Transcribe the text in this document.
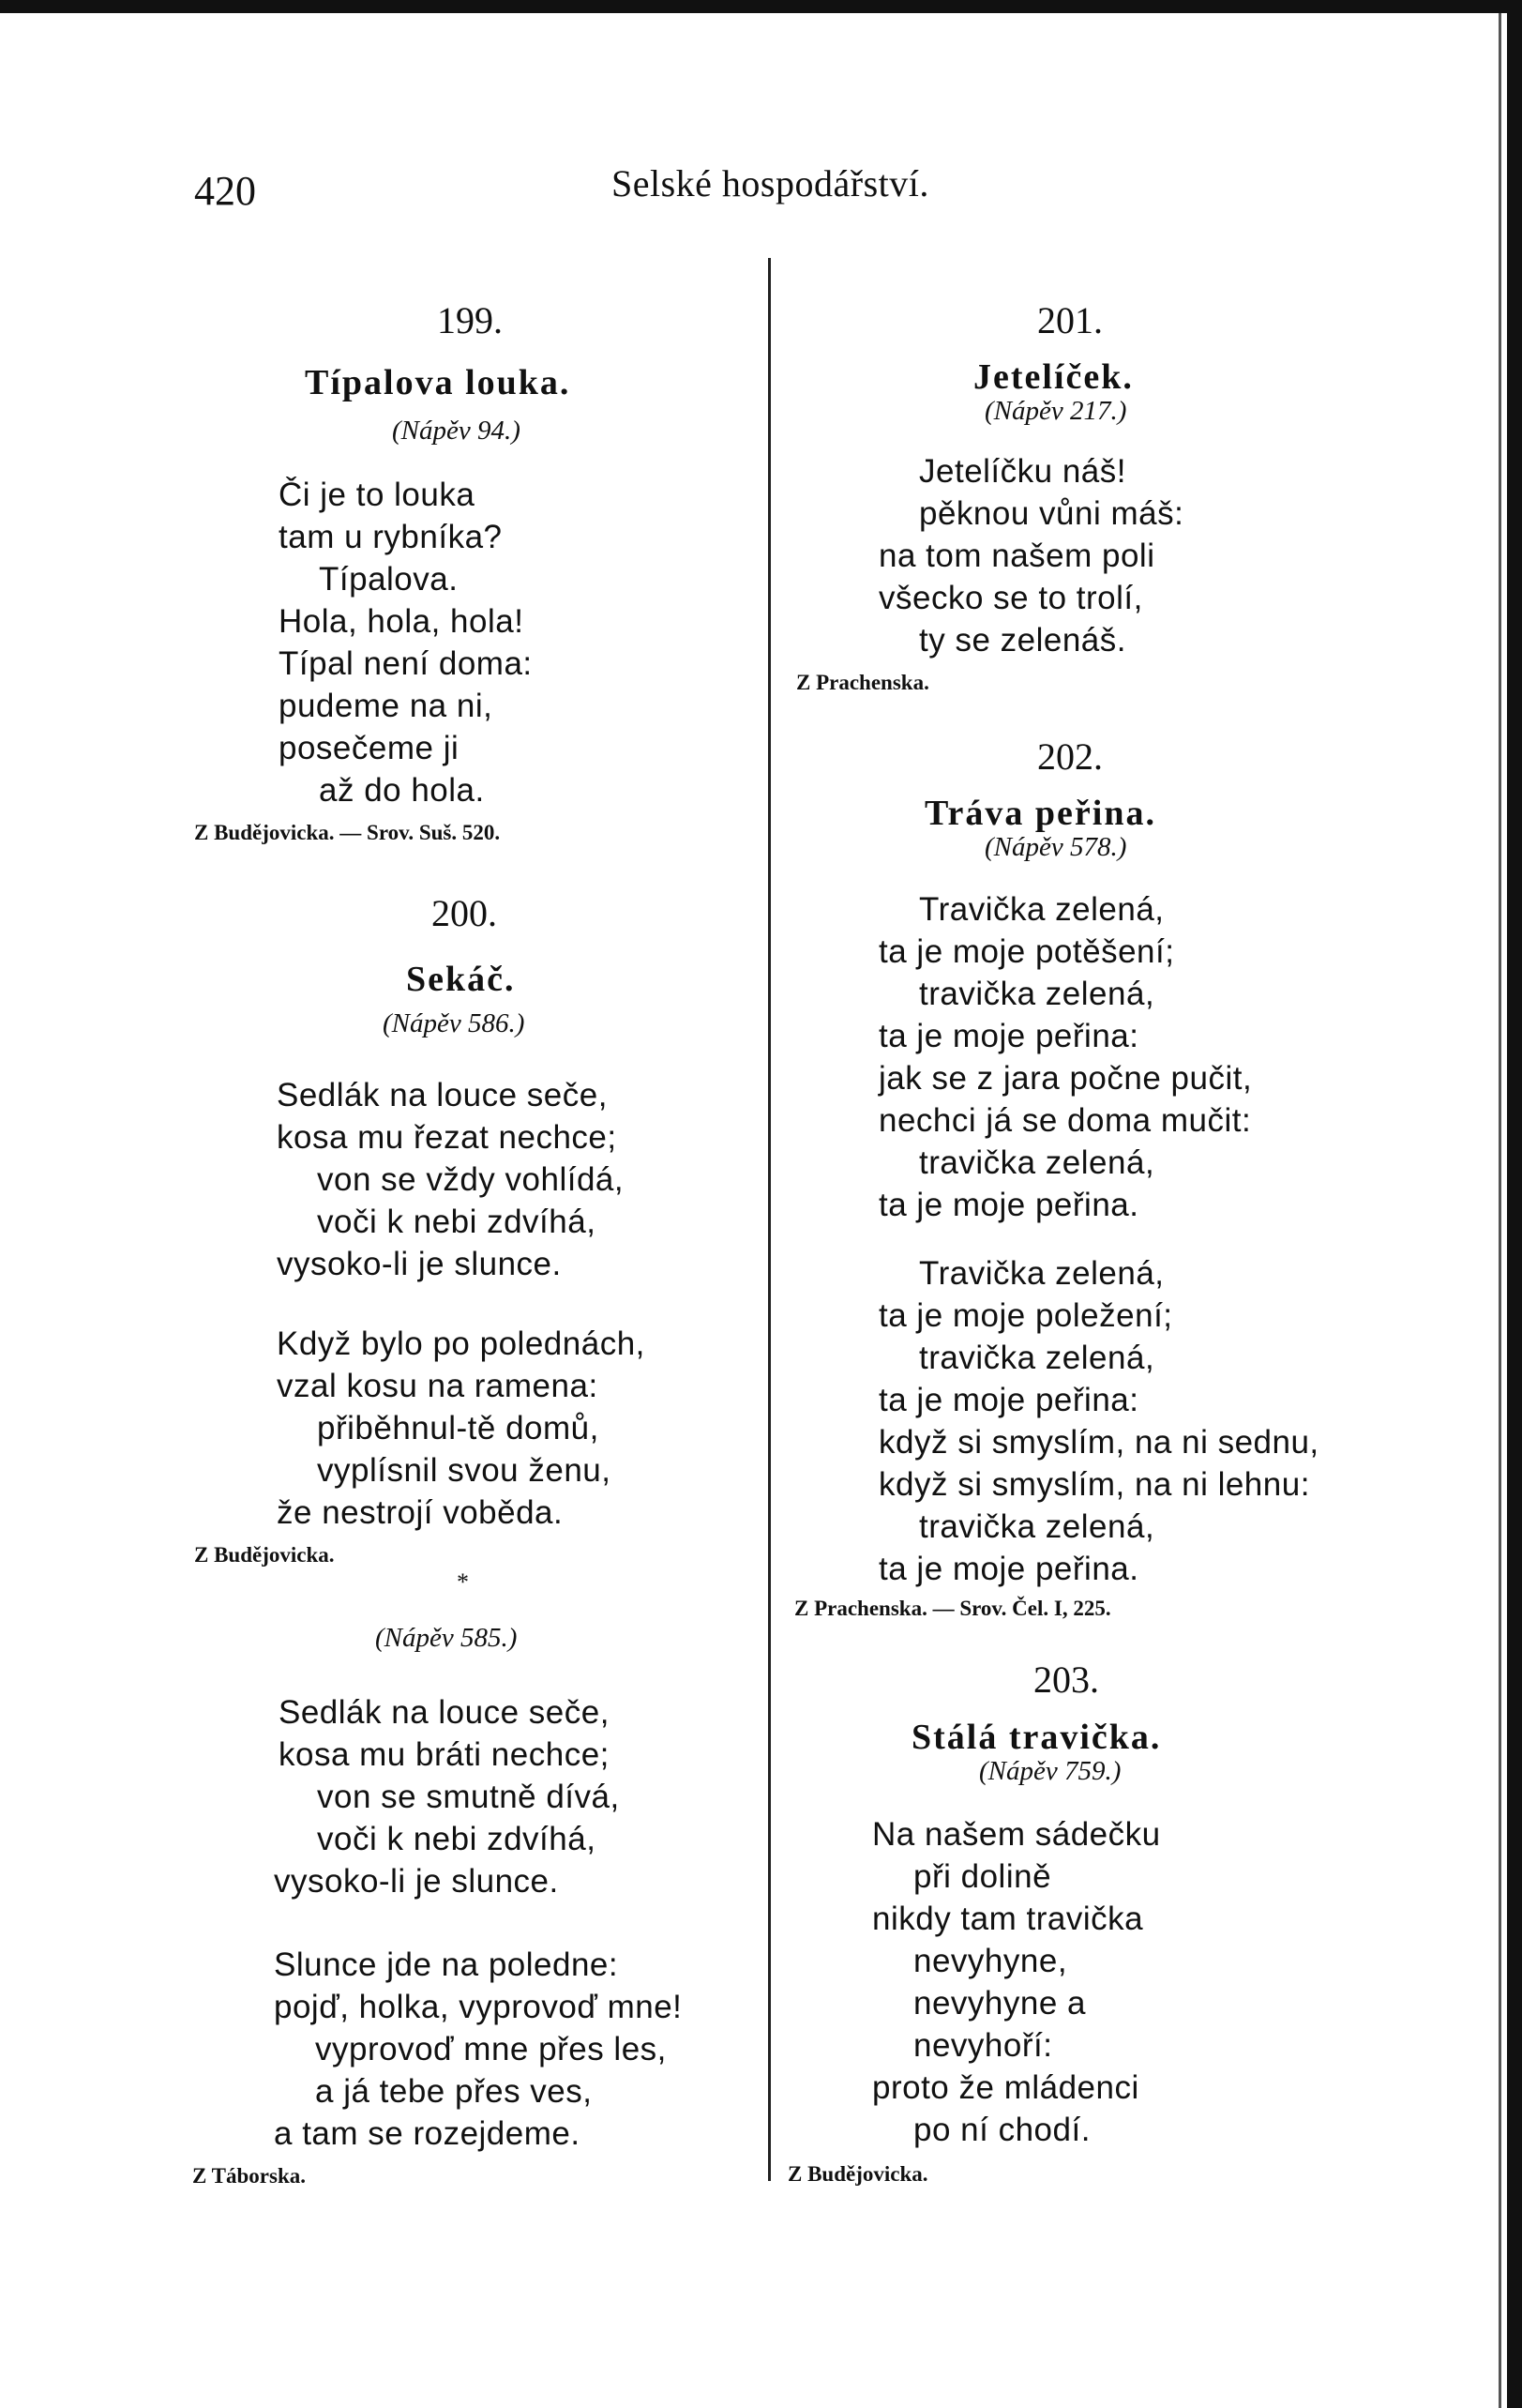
420	Selské hospodářství.
199.
Típalova louka.
(Nápěv 94.)
Či je to louka
tam u rybníka?
Típalova.
Hola, hola, hola!
Típal není doma:
pudeme na ni,
posečeme ji
až do hola.
Z Budějovicka. — Srov. Suš. 520.
200.
Sekáč.
(Nápěv 586.)
Sedlák na louce seče,
kosa mu řezat nechce;
von se vždy vohlídá,
voči k nebi zdvíhá,
vysoko-li je slunce.
Když bylo po polednách,
vzal kosu na ramena:
přiběhnul-tě domů,
vyplísnil svou ženu,
že nestrojí voběda.
Z Budějovicka.
*
(Nápěv 585.)
Sedlák na louce seče,
kosa mu bráti nechce;
von se smutně dívá,
voči k nebi zdvíhá,
vysoko-li je slunce.
Slunce jde na poledne:
pojď, holka, vyprovoď mne!
vyprovoď mne přes les,
a já tebe přes ves,
a tam se rozejdeme.
Z Táborska.
201.
Jetelíček.
(Nápěv 217.)
Jetelíčku náš!
pěknou vůni máš:
na tom našem poli
všecko se to trolí,
ty se zelenáš.
Z Prachenska.
202.
Tráva peřina.
(Nápěv 578.)
Travička zelená,
ta je moje potěšení;
travička zelená,
ta je moje peřina:
jak se z jara počne pučit,
nechci já se doma mučit:
travička zelená,
ta je moje peřina.
Travička zelená,
ta je moje poležení;
travička zelená,
ta je moje peřina:
když si smyslím, na ni sednu,
když si smyslím, na ni lehnu:
travička zelená,
ta je moje peřina.
Z Prachenska. — Srov. Čel. I, 225.
203.
Stálá travička.
(Nápěv 759.)
Na našem sádečku
při dolině
nikdy tam travička
nevyhyne,
nevyhyne a
nevyhoří:
proto že mládenci
po ní chodí.
Z Budějovicka.
